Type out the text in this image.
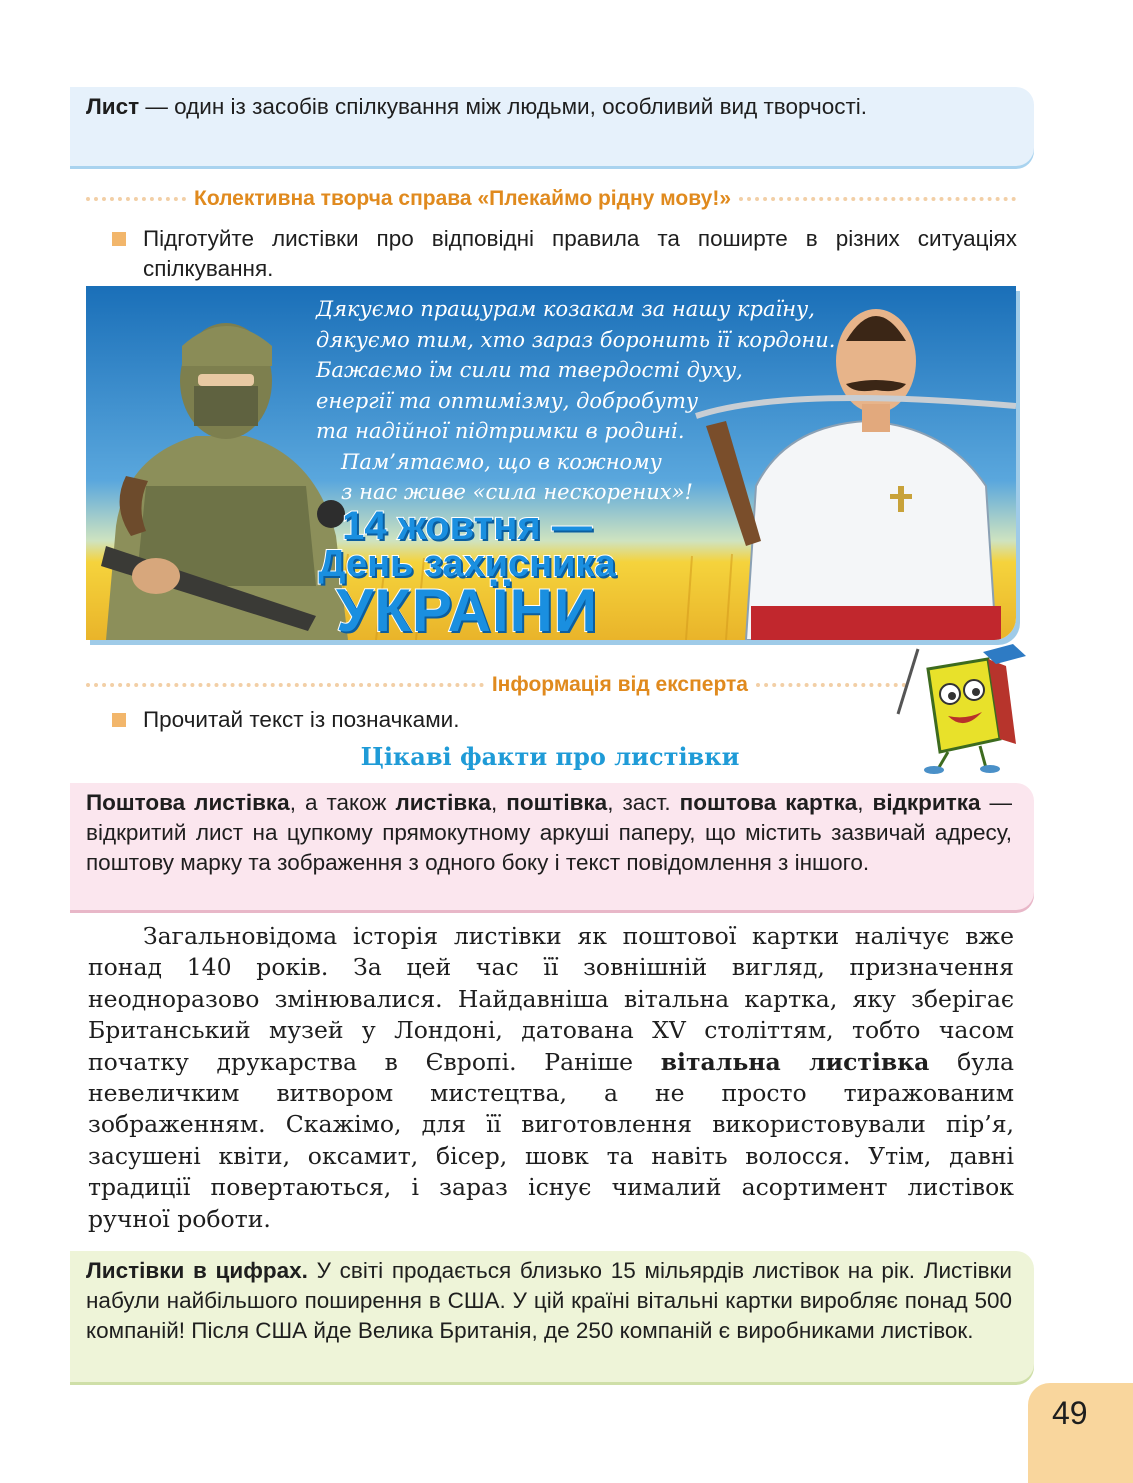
Лист — один із засобів спілкування між людьми, особливий вид творчості.

Колективна творча справа «Плекаймо рідну мову!»
Підготуйте листівки про відповідні правила та поширте в різних ситуаціях спілкування.
Дякуємо пращурам козакам за нашу країну,
дякуємо тим, хто зараз боронить її кордони.
Бажаємо їм сили та твердості духу,
енергії та оптимізму, добробуту
та надійної підтримки в родині.
Пам’ятаємо, що в кожному
з нас живе «сила нескорених»!
14 жовтня —
День захисника
УКРАЇНИ
Інформація від експерта
Прочитай текст із позначками.
Цікаві факти про листівки

Поштова листівка, а також листівка, поштівка, заст. поштова картка, відкритка — відкритий лист на цупкому прямокутному аркуші паперу, що містить зазвичай адресу, поштову марку та зображення з одного боку і текст повідомлення з іншого.

Загальновідома історія листівки як поштової картки налічує вже понад 140 років. За цей час її зовнішній вигляд, призначення неодноразово змінювалися. Найдавніша вітальна картка, яку зберігає Британський музей у Лондоні, датована XV століттям, тобто часом початку друкарства в Європі. Раніше вітальна листівка була невеличким витвором мистецтва, а не просто тиражованим зображенням. Скажімо, для її виготовлення використовували пір’я, засушені квіти, оксамит, бісер, шовк та навіть волосся. Утім, давні традиції повертаються, і зараз існує чималий асортимент листівок ручної роботи.

Листівки в цифрах. У світі продається близько 15 мільярдів листівок на рік. Листівки набули найбільшого поширення в США. У цій країні вітальні картки виробляє понад 500 компаній! Після США йде Велика Британія, де 250 компаній є виробниками листівок.

49
